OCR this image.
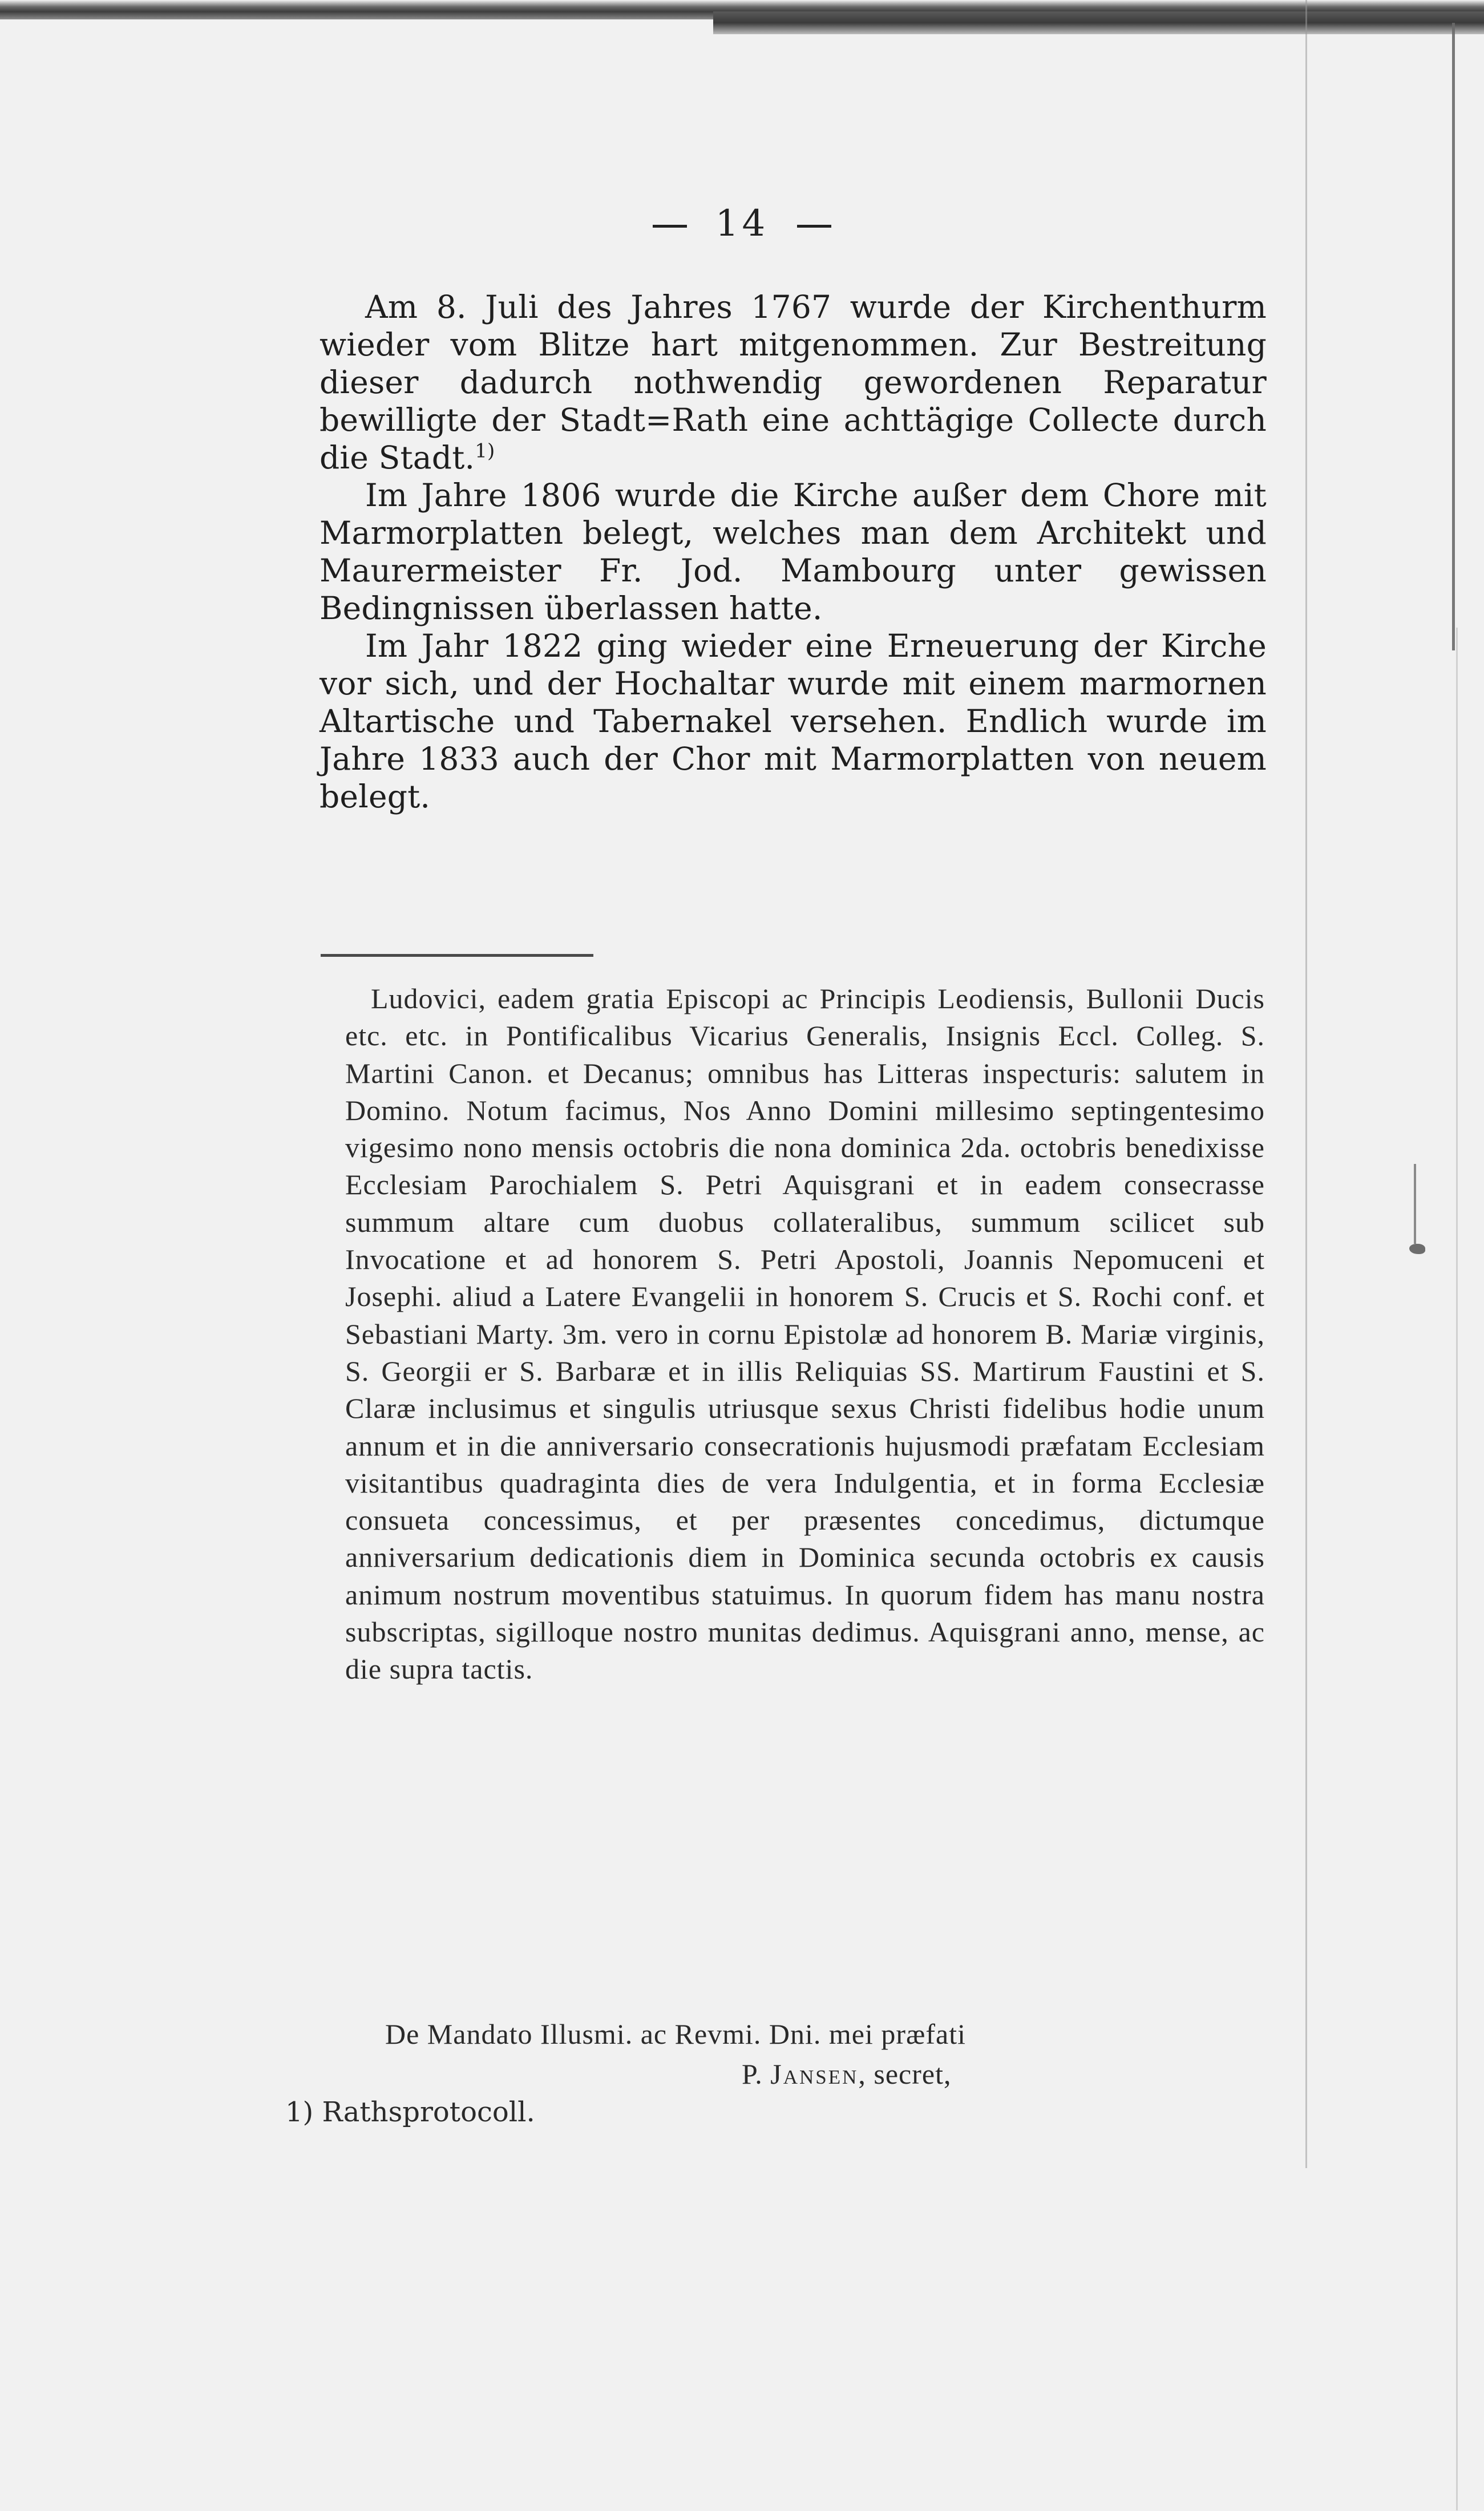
14

Am 8. Juli des Jahres 1767 wurde der Kirchenthurm wieder vom Blitze hart mitgenommen. Zur Bestreitung dieser dadurch nothwendig gewordenen Reparatur bewilligte der Stadt=Rath eine achttägige Collecte durch die Stadt.$^{1)}$

Im Jahre 1806 wurde die Kirche außer dem Chore mit Marmorplatten belegt, welches man dem Architekt und Maurermeister Fr. Jod. Mambourg unter gewissen Bedingnissen überlassen hatte.

Im Jahr 1822 ging wieder eine Erneuerung der Kirche vor sich, und der Hochaltar wurde mit einem marmornen Altartische und Tabernakel versehen. Endlich wurde im Jahre 1833 auch der Chor mit Marmorplatten von neuem belegt.

Ludovici, eadem gratia Episcopi ac Principis Leodiensis, Bullonii Ducis etc. etc. in Pontificalibus Vicarius Generalis, Insignis Eccl. Colleg. S. Martini Canon. et Decanus; omnibus has Litteras inspecturis: salutem in Domino. Notum facimus, Nos Anno Domini millesimo septingentesimo vigesimo nono mensis octobris die nona dominica 2da. octobris benedixisse Ecclesiam Parochialem S. Petri Aquisgrani et in eadem consecrasse summum altare cum duobus collateralibus, summum scilicet sub Invocatione et ad honorem S. Petri Apostoli, Joannis Nepomuceni et Josephi. aliud a Latere Evangelii in honorem S. Crucis et S. Rochi conf. et Sebastiani Marty. 3m. vero in cornu Epistolæ ad honorem B. Mariæ virginis, S. Georgii er S. Barbaræ et in illis Reliquias SS. Martirum Faustini et S. Claræ inclusimus et singulis utriusque sexus Christi fidelibus hodie unum annum et in die anniversario consecrationis hujusmodi præfatam Ecclesiam visitantibus quadraginta dies de vera Indulgentia, et in forma Ecclesiæ consueta concessimus, et per præsentes concedimus, dictumque anniversarium dedicationis diem in Dominica secunda octobris ex causis animum nostrum moventibus statuimus. In quorum fidem has manu nostra subscriptas, sigilloque nostro munitas dedimus. Aquisgrani anno, mense, ac die supra tactis.

De Mandato Illusmi. ac Revmi. Dni. mei præfati
P. Jansen, secret,
1) Rathsprotocoll.
